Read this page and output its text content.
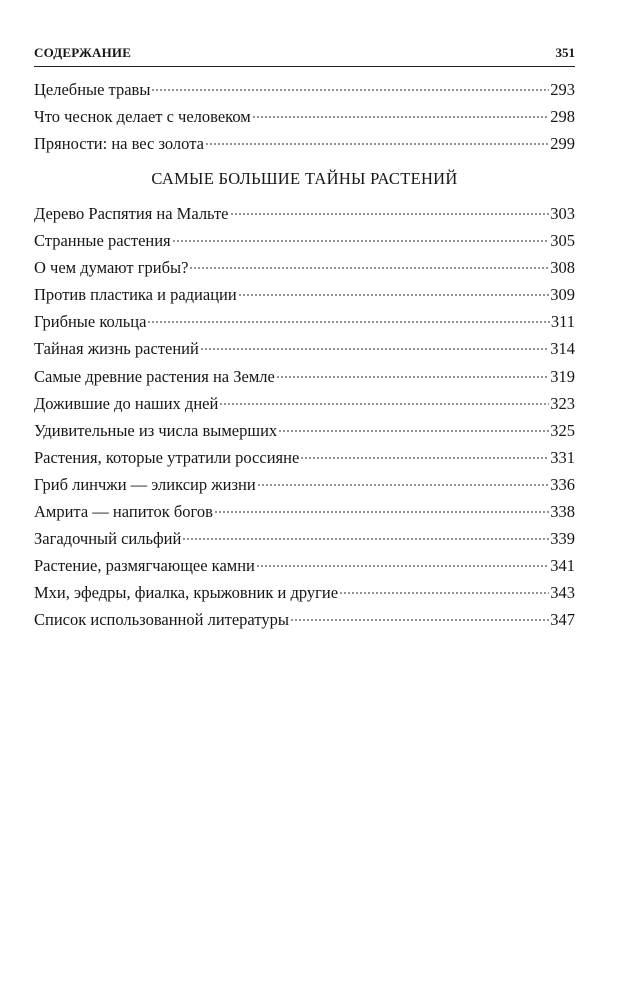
СОДЕРЖАНИЕ	351
Целебные травы	293
Что чеснок делает с человеком	298
Пряности: на вес золота	299
САМЫЕ БОЛЬШИЕ ТАЙНЫ РАСТЕНИЙ
Дерево Распятия на Мальте	303
Странные растения	305
О чем думают грибы?	308
Против пластика и радиации	309
Грибные кольца	311
Тайная жизнь растений	314
Самые древние растения на Земле	319
Дожившие до наших дней	323
Удивительные из числа вымерших	325
Растения, которые утратили россияне	331
Гриб линчжи — эликсир жизни	336
Амрита — напиток богов	338
Загадочный сильфий	339
Растение, размягчающее камни	341
Мхи, эфедры, фиалка, крыжовник и другие	343
Список использованной литературы	347
